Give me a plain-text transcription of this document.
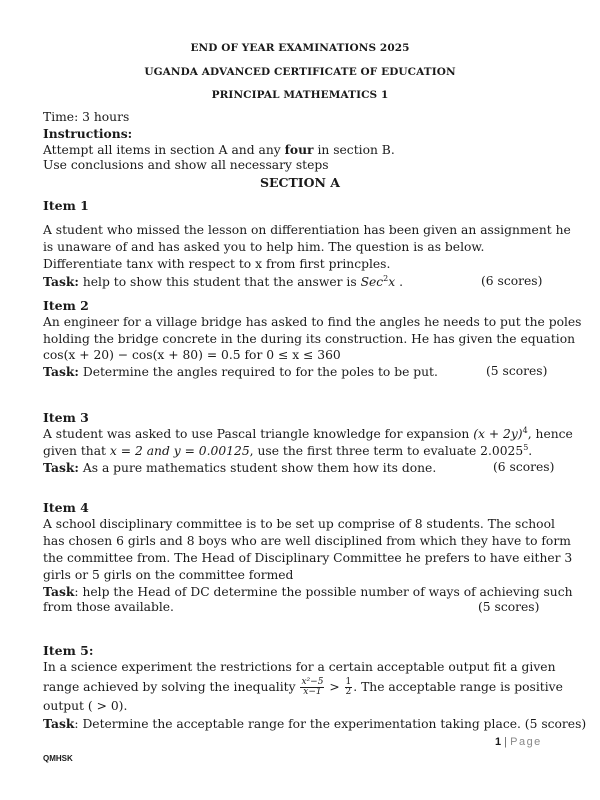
END OF YEAR EXAMINATIONS 2025
UGANDA ADVANCED CERTIFICATE OF EDUCATION
PRINCIPAL MATHEMATICS 1
Time: 3 hours
Instructions:
Attempt all items in section A and any four in section B.
Use conclusions and show all necessary steps
SECTION A
Item 1
A student who missed the lesson on differentiation has been given an assignment he
is unaware of and has asked you to help him. The question is as below.
Differentiate tanx with respect to x from first princples.
Task: help to show this student that the answer is Sec$^2$x .	(6 scores)
Item 2
An engineer for a village bridge has asked to find the angles he needs to put the poles
holding the bridge concrete in the during its construction. He has given the equation
cos(x + 20) − cos(x + 80) = 0.5 for 0 ≤ x ≤ 360
Task: Determine the angles required to for the poles to be put.	(5 scores)
Item 3
A student was asked to use Pascal triangle knowledge for expansion $(x + 2y)^4$, hence
given that x = 2 and y = 0.00125, use the first three term to evaluate 2.0025$^5$.
Task: As a pure mathematics student show them how its done.	(6 scores)
Item 4
A school disciplinary committee is to be set up comprise of 8 students. The school
has chosen 6 girls and 8 boys who are well disciplined from which they have to form
the committee from. The Head of Disciplinary Committee he prefers to have either 3
girls or 5 girls on the committee formed
Task: help the Head of DC determine the possible number of ways of achieving such
from those available.	(5 scores)
Item 5:
In a science experiment the restrictions for a certain acceptable output fit a given
range achieved by solving the inequality $\frac{\text{x²−5}}{x-1} > \frac{1}{2}$ . The acceptable range is positive
output ( > 0).
Task: Determine the acceptable range for the experimentation taking place. (5 scores)
1 | Page
QMHSK
